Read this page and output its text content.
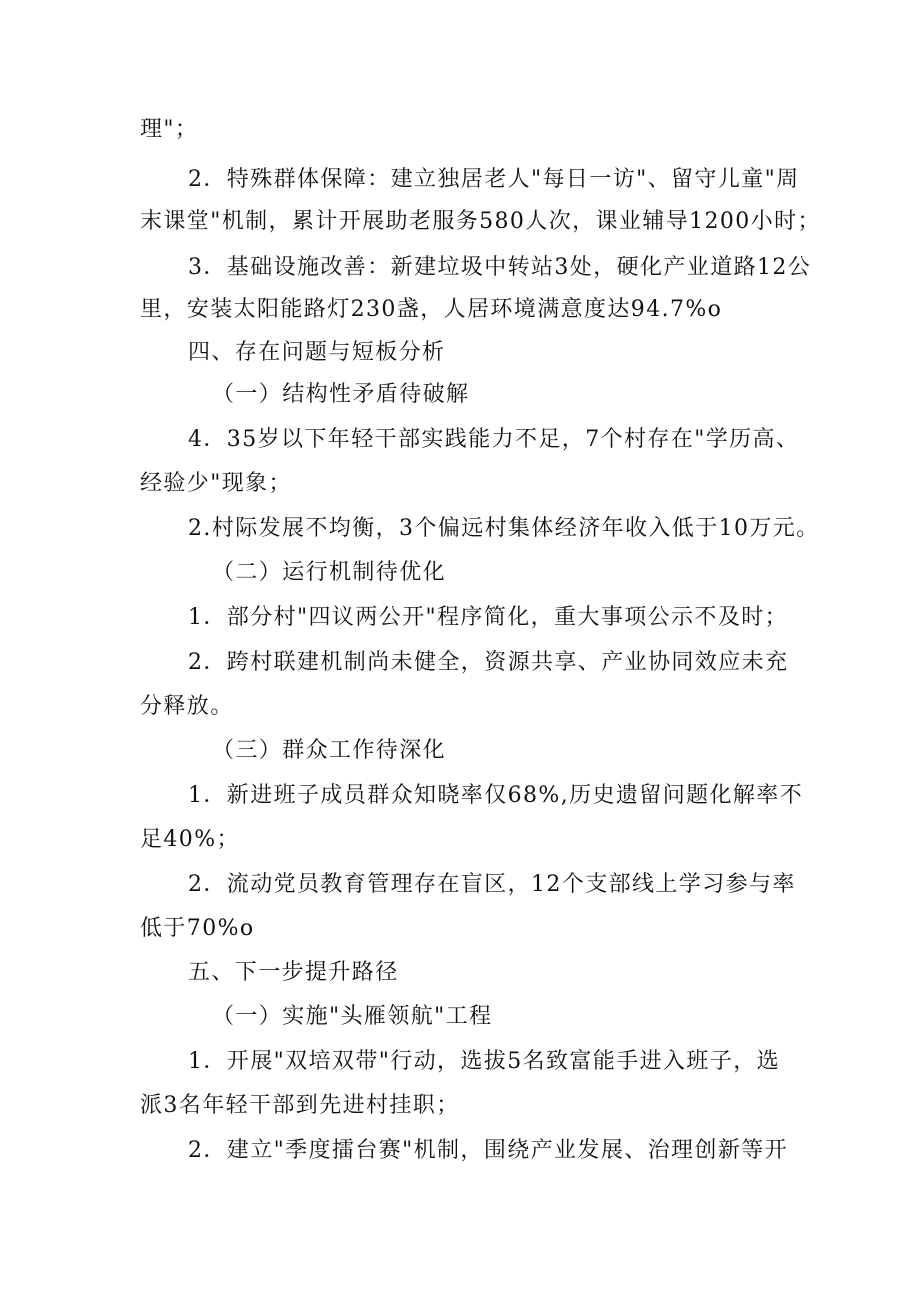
理"；
2．特殊群体保障：建立独居老人"每日一访"、留守儿童"周
末课堂"机制，累计开展助老服务580人次，课业辅导1200小时；
3．基础设施改善：新建垃圾中转站3处，硬化产业道路12公
里，安装太阳能路灯230盏，人居环境满意度达94.7%o
四、存在问题与短板分析
（一）结构性矛盾待破解
4．35岁以下年轻干部实践能力不足，7个村存在"学历高、
经验少"现象；
2.村际发展不均衡，3个偏远村集体经济年收入低于10万元。
（二）运行机制待优化
1．部分村"四议两公开"程序简化，重大事项公示不及时；
2．跨村联建机制尚未健全，资源共享、产业协同效应未充
分释放。
（三）群众工作待深化
1．新进班子成员群众知晓率仅68%,历史遗留问题化解率不
足40%；
2．流动党员教育管理存在盲区，12个支部线上学习参与率
低于70%o
五、下一步提升路径
（一）实施"头雁领航"工程
1．开展"双培双带"行动，选拔5名致富能手进入班子，选
派3名年轻干部到先进村挂职；
2．建立"季度擂台赛"机制，围绕产业发展、治理创新等开
